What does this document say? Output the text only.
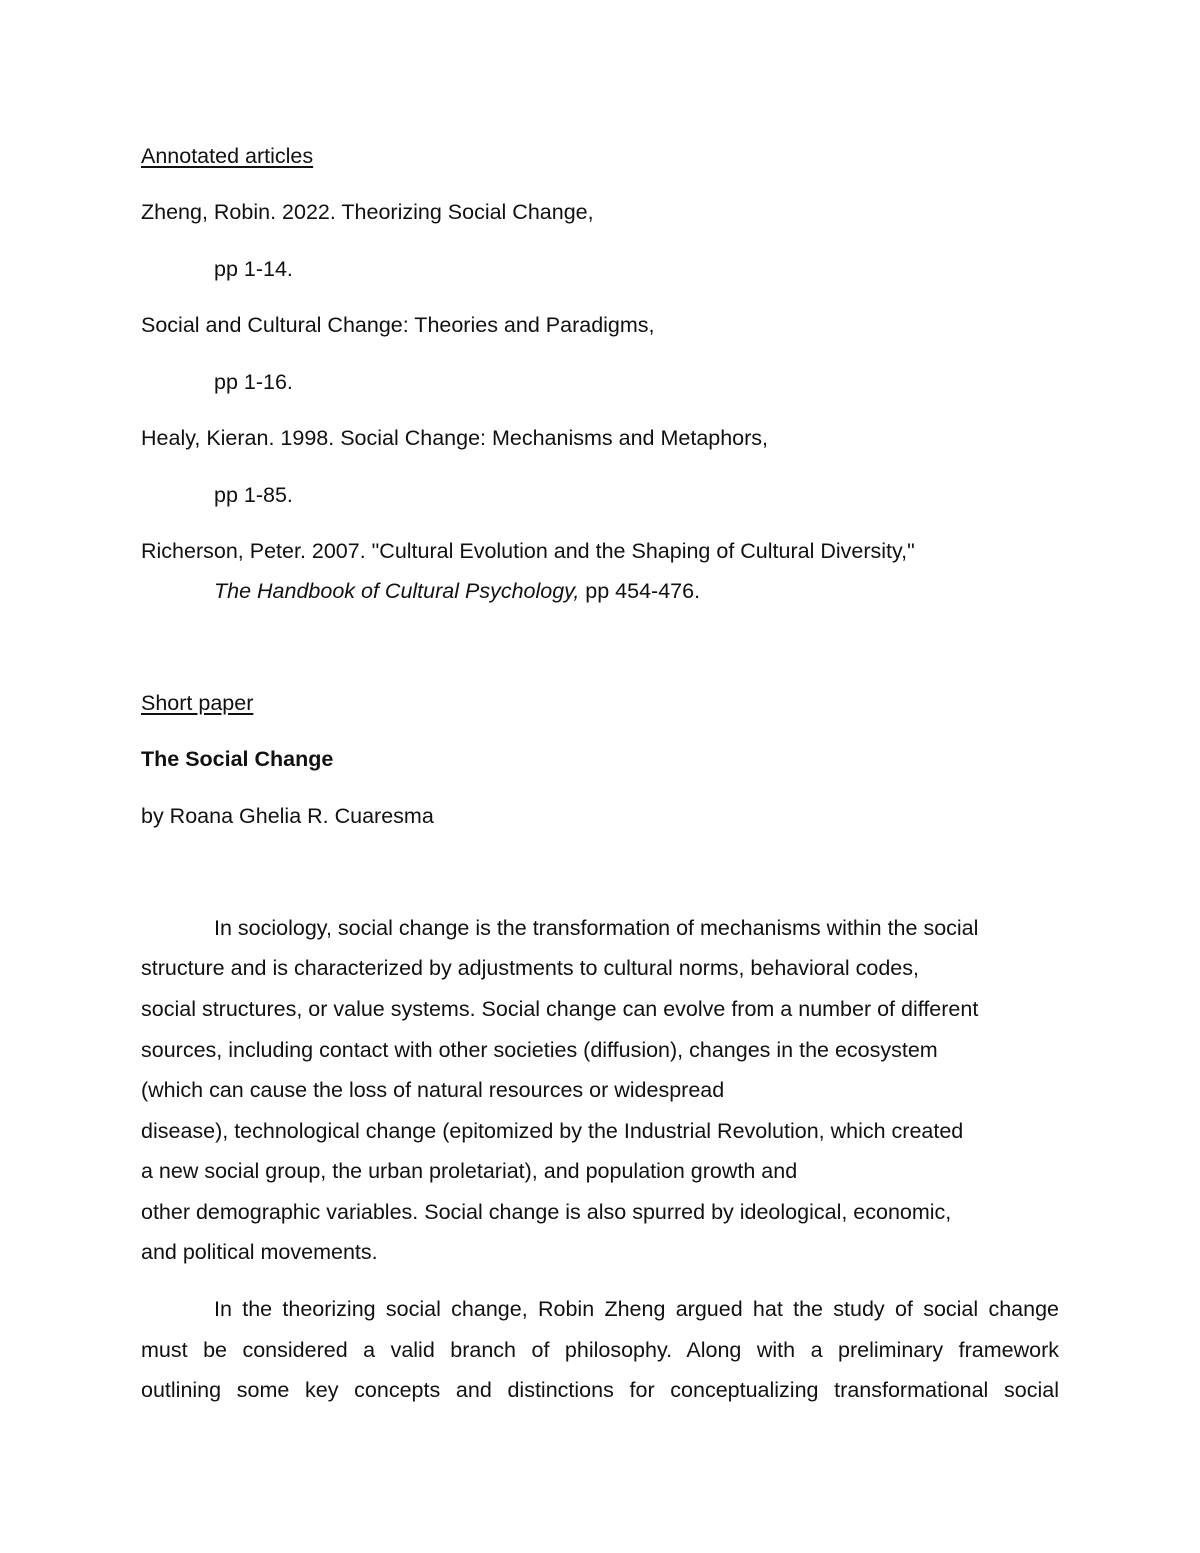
Annotated articles

Zheng, Robin. 2022. Theorizing Social Change,

pp 1-14.

Social and Cultural Change: Theories and Paradigms,

pp 1-16.

Healy, Kieran. 1998. Social Change: Mechanisms and Metaphors,

pp 1-85.

Richerson, Peter. 2007. "Cultural Evolution and the Shaping of Cultural Diversity,"

The Handbook of Cultural Psychology, pp 454-476.

Short paper

The Social Change

by Roana Ghelia R. Cuaresma

In sociology, social change is the transformation of mechanisms within the social

structure and is characterized by adjustments to cultural norms, behavioral codes,

social structures, or value systems. Social change can evolve from a number of different

sources, including contact with other societies (diffusion), changes in the ecosystem

(which can cause the loss of natural resources or widespread

disease), technological change (epitomized by the Industrial Revolution, which created

a new social group, the urban proletariat), and population growth and

other demographic variables. Social change is also spurred by ideological, economic,

and political movements.

In the theorizing social change, Robin Zheng argued hat the study of social change

must be considered a valid branch of philosophy. Along with a preliminary framework

outlining some key concepts and distinctions for conceptualizing transformational social
